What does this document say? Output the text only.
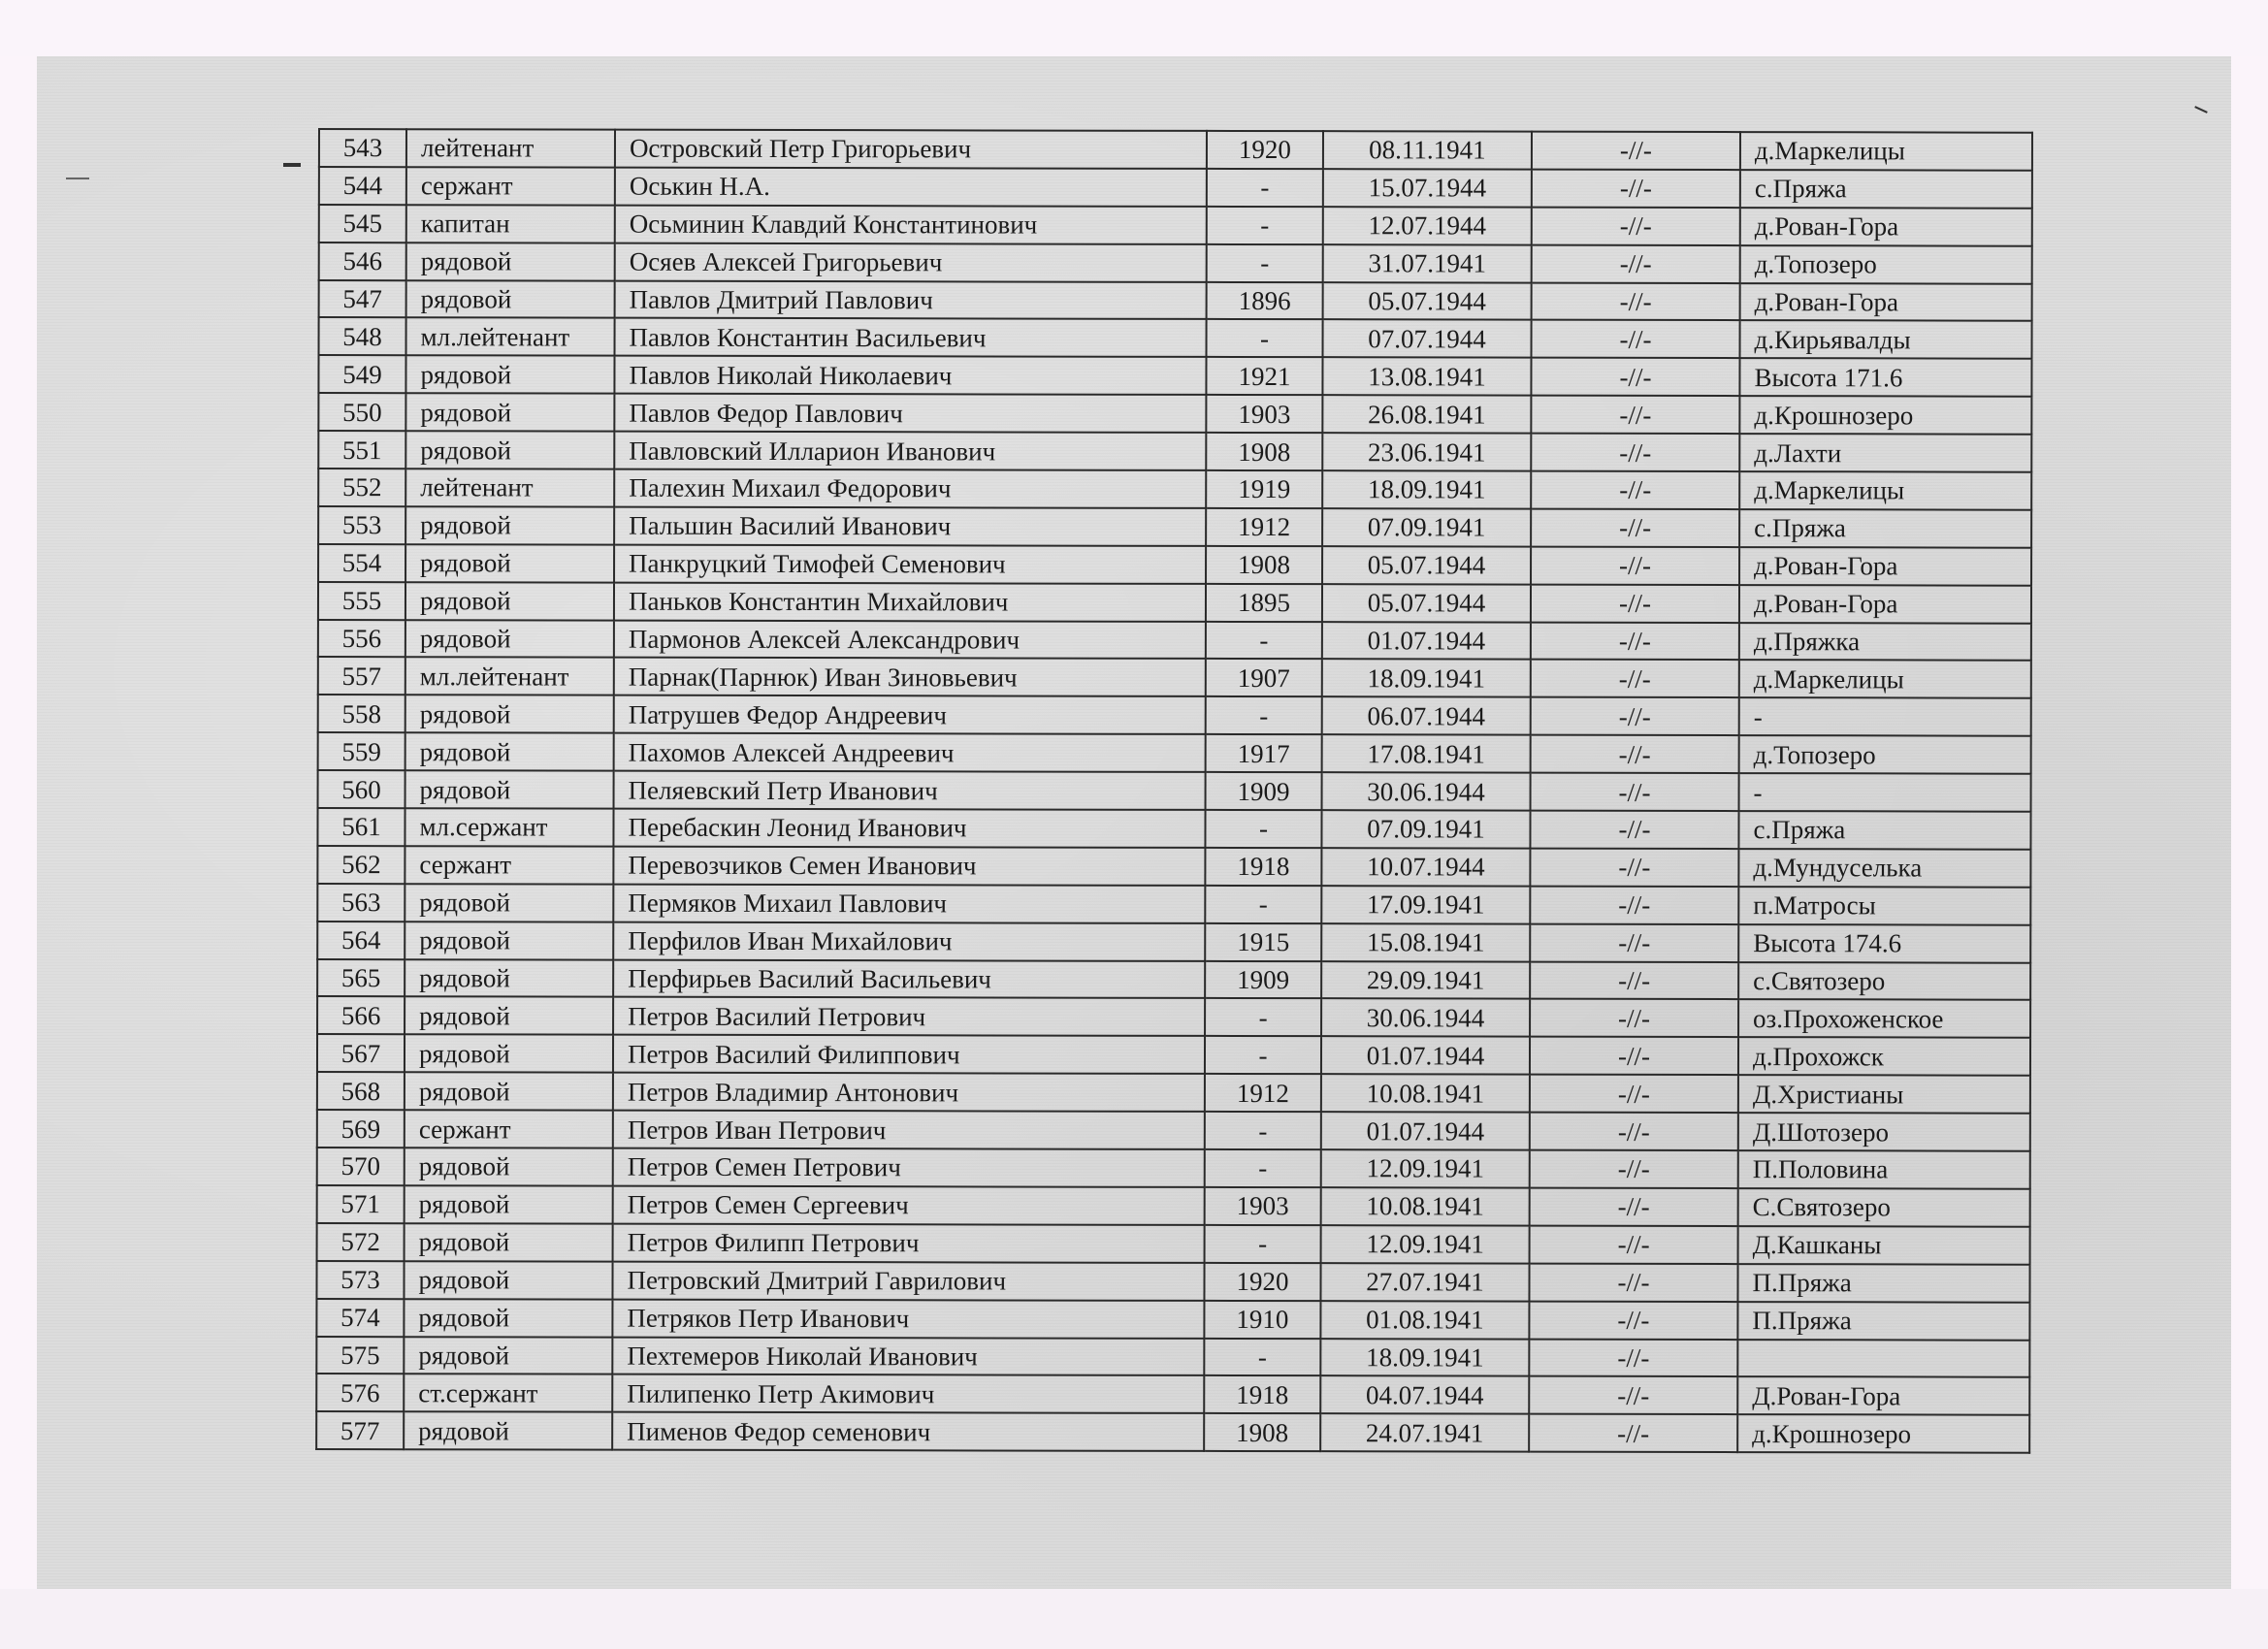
543	лейтенант	Островский Петр Григорьевич	1920	08.11.1941	-//-	д.Маркелицы
544	сержант	Оськин Н.А.	-	15.07.1944	-//-	с.Пряжа
545	капитан	Осьминин Клавдий Константинович	-	12.07.1944	-//-	д.Рован-Гора
546	рядовой	Осяев Алексей Григорьевич	-	31.07.1941	-//-	д.Топозеро
547	рядовой	Павлов Дмитрий Павлович	1896	05.07.1944	-//-	д.Рован-Гора
548	мл.лейтенант	Павлов Константин Васильевич	-	07.07.1944	-//-	д.Кирьявалды
549	рядовой	Павлов Николай Николаевич	1921	13.08.1941	-//-	Высота 171.6
550	рядовой	Павлов Федор Павлович	1903	26.08.1941	-//-	д.Крошнозеро
551	рядовой	Павловский Илларион Иванович	1908	23.06.1941	-//-	д.Лахти
552	лейтенант	Палехин Михаил Федорович	1919	18.09.1941	-//-	д.Маркелицы
553	рядовой	Пальшин Василий Иванович	1912	07.09.1941	-//-	с.Пряжа
554	рядовой	Панкруцкий Тимофей Семенович	1908	05.07.1944	-//-	д.Рован-Гора
555	рядовой	Паньков Константин Михайлович	1895	05.07.1944	-//-	д.Рован-Гора
556	рядовой	Пармонов Алексей Александрович	-	01.07.1944	-//-	д.Пряжка
557	мл.лейтенант	Парнак(Парнюк) Иван Зиновьевич	1907	18.09.1941	-//-	д.Маркелицы
558	рядовой	Патрушев Федор Андреевич	-	06.07.1944	-//-	-
559	рядовой	Пахомов Алексей Андреевич	1917	17.08.1941	-//-	д.Топозеро
560	рядовой	Пеляевский Петр Иванович	1909	30.06.1944	-//-	-
561	мл.сержант	Перебаскин Леонид Иванович	-	07.09.1941	-//-	с.Пряжа
562	сержант	Перевозчиков Семен Иванович	1918	10.07.1944	-//-	д.Мундуселька
563	рядовой	Пермяков Михаил Павлович	-	17.09.1941	-//-	п.Матросы
564	рядовой	Перфилов Иван Михайлович	1915	15.08.1941	-//-	Высота 174.6
565	рядовой	Перфирьев Василий Васильевич	1909	29.09.1941	-//-	с.Святозеро
566	рядовой	Петров Василий Петрович	-	30.06.1944	-//-	оз.Прохоженское
567	рядовой	Петров Василий Филиппович	-	01.07.1944	-//-	д.Прохожск
568	рядовой	Петров Владимир Антонович	1912	10.08.1941	-//-	Д.Христианы
569	сержант	Петров Иван Петрович	-	01.07.1944	-//-	Д.Шотозеро
570	рядовой	Петров Семен Петрович	-	12.09.1941	-//-	П.Половина
571	рядовой	Петров Семен Сергеевич	1903	10.08.1941	-//-	С.Святозеро
572	рядовой	Петров Филипп Петрович	-	12.09.1941	-//-	Д.Кашканы
573	рядовой	Петровский Дмитрий Гаврилович	1920	27.07.1941	-//-	П.Пряжа
574	рядовой	Петряков Петр Иванович	1910	01.08.1941	-//-	П.Пряжа
575	рядовой	Пехтемеров Николай Иванович	-	18.09.1941	-//-	
576	ст.сержант	Пилипенко Петр Акимович	1918	04.07.1944	-//-	Д.Рован-Гора
577	рядовой	Пименов Федор семенович	1908	24.07.1941	-//-	д.Крошнозеро
